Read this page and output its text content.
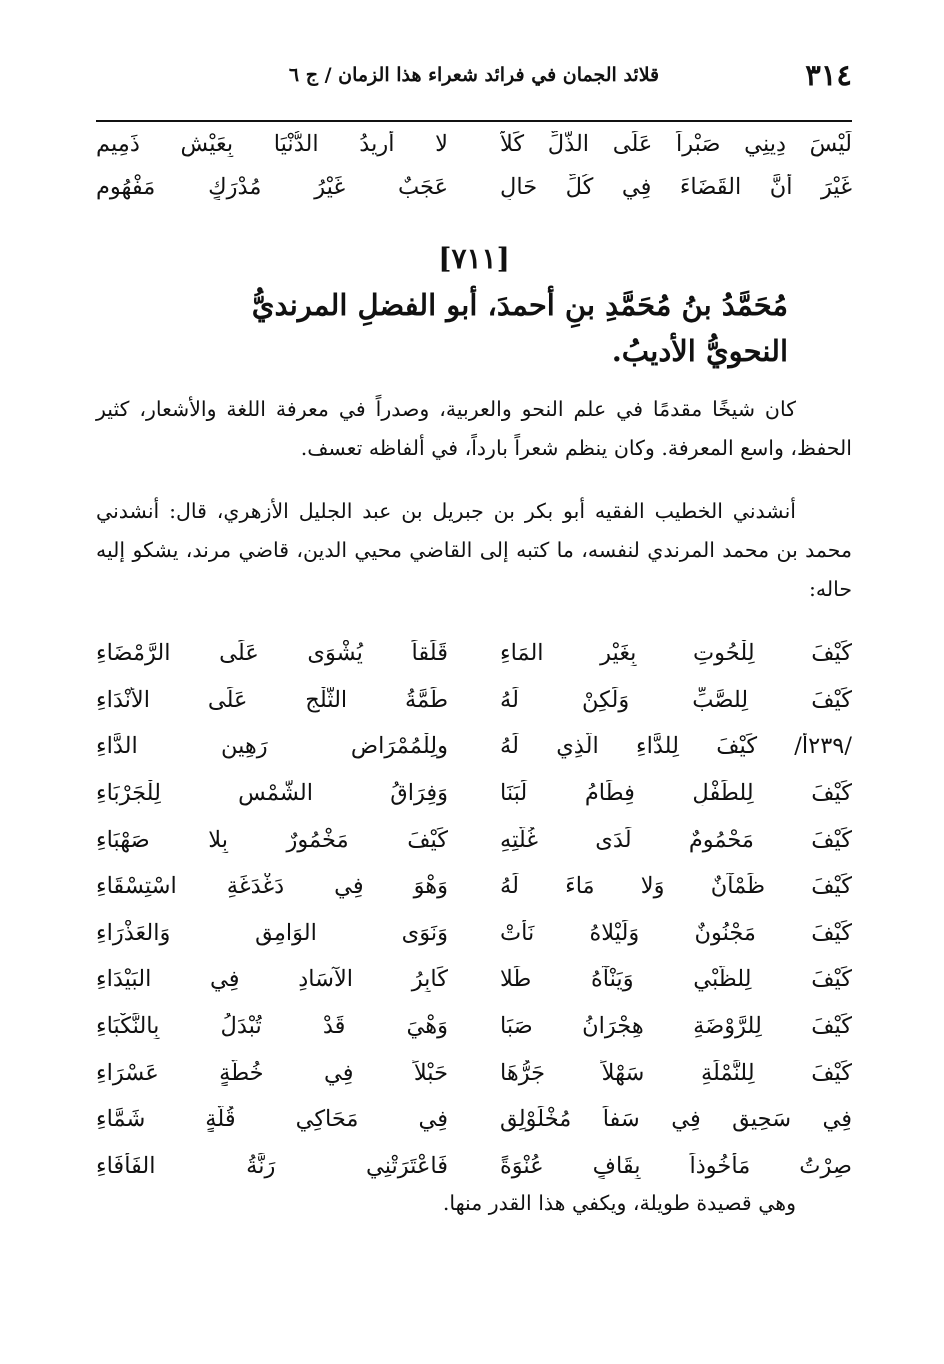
٣١٤
قلائد الجمان في فرائد شعراء هذا الزمان / ج ٦
لَيْسَ دِينِي صَبْراً عَلَى الذُّلِّ كَلاَّ
لا أُرِيدُ الدُّنْيَا بِعَيْشٍ ذَمِيمِ
غَيْرَ أَنَّ القَضَاءَ فِي كُلِّ حَالٍ
عَجَبٌ غَيْرُ مُدْرَكٍ مَفْهُومِ
[٧١١]
مُحَمَّدُ بنُ مُحَمَّدِ بنِ أحمدَ، أبو الفضلِ المرنديُّ النحويُّ الأديبُ.

كان شيخًا مقدمًا في علم النحو والعربية، وصدراً في معرفة اللغة والأشعار، كثير الحفظ، واسع المعرفة. وكان ينظم شعراً بارداً، في ألفاظه تعسف.

أنشدني الخطيب الفقيه أبو بكر بن جبريل بن عبد الجليل الأزهري، قال: أنشدني محمد بن محمد المرندي لنفسه، ما كتبه إلى القاضي محيي الدين، قاضي مرند، يشكو إليه حاله:

كَيْفَ لِلْحُوتِ بِغَيْرِ المَاءِ
قَلَقاً يُشْوَى عَلَى الرَّمْضَاءِ
كَيْفَ لِلصَّبِّ وَلَكِنْ لَهُ
طَمَّةُ الثَّلْجِ عَلَى الأَنْدَاءِ
/٢٣٩أ/ كَيْفَ لِلدَّاءِ الَّذِي لَهُ
ولِلْمُمْرَاضِ رَهِينِ الدَّاءِ
كَيْفَ لِلطِّفْلِ فِطَامُ لَبَنَا
وَفِرَاقُ الشَّمْسِ لِلْجَرْبَاءِ
كَيْفَ مَحْمُومٌ لَدَى غُلَّتِهِ
كَيْفَ مَخْمُورٌ بِلا صَهْبَاءِ
كَيْفَ ظَمْآنٌ وَلا مَاءَ لَهُ
وَهْوَ فِي دَغْدَغَةِ اسْتِسْقَاءِ
كَيْفَ مَجْنُونٌ وَلَيْلاهُ نَأَتْ
وَنَوَى الوَامِقِ وَالعَذْرَاءِ
كَيْفَ لِلظَّبْيِ وَيَنْآهُ طَلا
كَابِرُ الآسَادِ فِي البَيْدَاءِ
كَيْفَ لِلرَّوْضَةِ هِجْرَانُ صَبَا
وَهْيَ قَدْ تُبْدَلُ بِالنَّكْبَاءِ
كَيْفَ لِلنَّمْلَةِ سَهْلاً جَرُّهَا
حَبْلاً فِي خُطَّةٍ عَسْرَاءِ
فِي سَحِيقٍ فِي سَفاً مُخْلَوْلِقٍ
فِي مَحَاكِي قُلَّةٍ شَمَّاءِ
صِرْتُ مَأْخُوذاً بِقَافٍ عُنْوَةً
فَاعْتَرَتْنِي رَنَّةُ الفَأْفَاءِ

وهي قصيدة طويلة، ويكفي هذا القدر منها.
